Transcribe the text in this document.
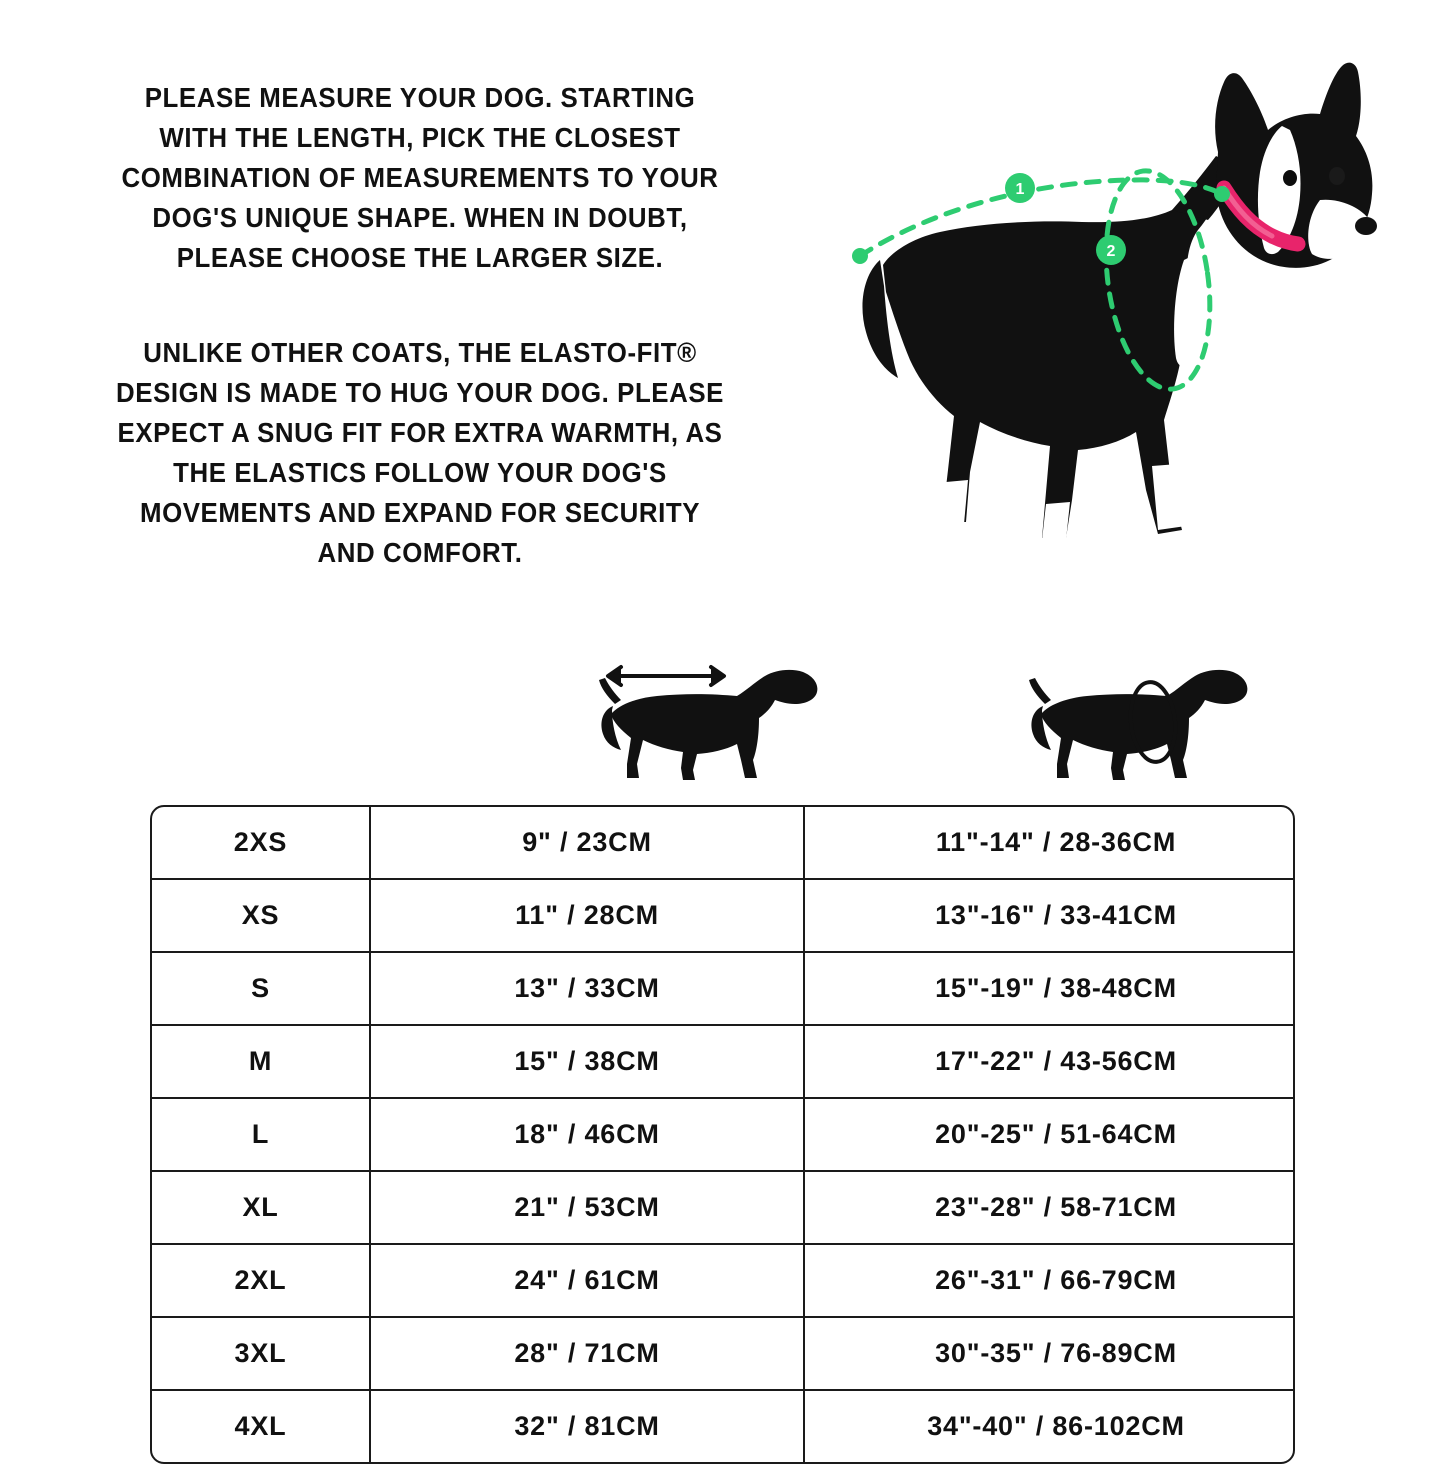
PLEASE MEASURE YOUR DOG. STARTING WITH THE LENGTH, PICK THE CLOSEST COMBINATION OF MEASUREMENTS TO YOUR DOG'S UNIQUE SHAPE. WHEN IN DOUBT, PLEASE CHOOSE THE LARGER SIZE.

UNLIKE OTHER COATS, THE ELASTO-FIT® DESIGN IS MADE TO HUG YOUR DOG. PLEASE EXPECT A SNUG FIT FOR EXTRA WARMTH, AS THE ELASTICS FOLLOW YOUR DOG'S MOVEMENTS AND EXPAND FOR SECURITY AND COMFORT.

1
2
2XS	9" / 23CM	11"-14" / 28-36CM
XS	11" / 28CM	13"-16" / 33-41CM
S	13" / 33CM	15"-19" / 38-48CM
M	15" / 38CM	17"-22" / 43-56CM
L	18" / 46CM	20"-25" / 51-64CM
XL	21" / 53CM	23"-28" / 58-71CM
2XL	24" / 61CM	26"-31" / 66-79CM
3XL	28" / 71CM	30"-35" / 76-89CM
4XL	32" / 81CM	34"-40" / 86-102CM
